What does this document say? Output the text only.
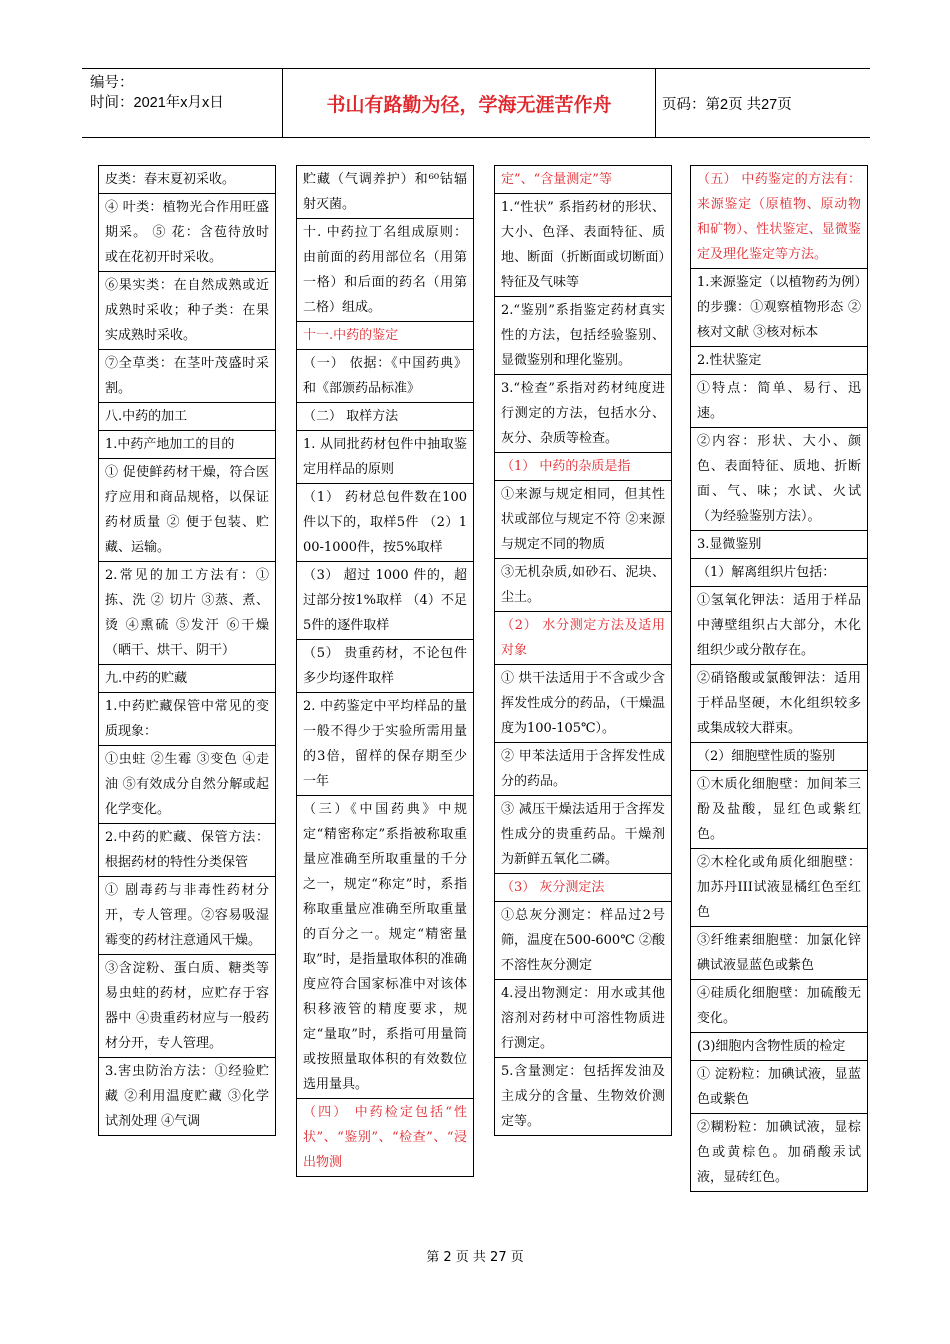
编号：
时间：2021年x月x日	书山有路勤为径，学海无涯苦作舟	页码：第2页 共27页
皮类：春末夏初采收。
④ 叶类：植物光合作用旺盛期采。 ⑤ 花：含苞待放时或在花初开时采收。
⑥果实类：在自然成熟或近成熟时采收；种子类：在果实成熟时采收。
⑦全草类：在茎叶茂盛时采割。
八.中药的加工
1.中药产地加工的目的
① 促使鲜药材干燥，符合医疗应用和商品规格，以保证药材质量 ② 便于包装、贮藏、运输。
2.常见的加工方法有：①拣、洗 ② 切片 ③蒸、煮、烫 ④熏硫 ⑤发汗 ⑥干燥（晒干、烘干、阴干）
九.中药的贮藏
1.中药贮藏保管中常见的变质现象：
①虫蛀 ②生霉 ③变色 ④走油 ⑤有效成分自然分解或起化学变化。
2.中药的贮藏、保管方法：根据药材的特性分类保管
① 剧毒药与非毒性药材分开，专人管理。②容易吸湿霉变的药材注意通风干燥。
③含淀粉、蛋白质、糖类等易虫蛀的药材，应贮存于容器中 ④贵重药材应与一般药材分开，专人管理。
3.害虫防治方法：①经验贮藏 ②利用温度贮藏 ③化学试剂处理 ④气调
贮藏（气调养护）和⁶⁰钴辐射灭菌。
十. 中药拉丁名组成原则：由前面的药用部位名（用第一格）和后面的药名（用第二格）组成。
十一.中药的鉴定
（一） 依据：《中国药典》和《部颁药品标准》
（二） 取样方法
1. 从同批药材包件中抽取鉴定用样品的原则
（1） 药材总包件数在100件以下的，取样5件 （2）100-1000件，按5%取样
（3） 超过 1000 件的，超过部分按1%取样 （4）不足5件的逐件取样
（5） 贵重药材，不论包件多少均逐件取样
2. 中药鉴定中平均样品的量一般不得少于实验所需用量的3倍，留样的保存期至少一年
（三）《中国药典》中规定“精密称定”系指被称取重量应准确至所取重量的千分之一，规定“称定”时，系指称取重量应准确至所取重量的百分之一。规定“精密量取”时，是指量取体积的准确度应符合国家标准中对该体积移液管的精度要求，规定“量取”时，系指可用量筒或按照量取体积的有效数位选用量具。
（四） 中药检定包括“性状”、“鉴别”、“检查”、“浸出物测
定”、“含量测定”等
1.“性状” 系指药材的形状、大小、色泽、表面特征、质地、断面（折断面或切断面）特征及气味等
2.“鉴别”系指鉴定药材真实性的方法，包括经验鉴别、显微鉴别和理化鉴别。
3.“检查”系指对药材纯度进行测定的方法，包括水分、灰分、杂质等检查。
（1） 中药的杂质是指
①来源与规定相同，但其性状或部位与规定不符 ②来源与规定不同的物质
③无机杂质,如砂石、泥块、尘土。
（2） 水分测定方法及适用对象
① 烘干法适用于不含或少含挥发性成分的药品，（干燥温度为100-105℃）。
② 甲苯法适用于含挥发性成分的药品。
③ 减压干燥法适用于含挥发性成分的贵重药品。干燥剂为新鲜五氧化二磷。
（3） 灰分测定法
①总灰分测定：样品过2号筛，温度在500-600℃ ②酸不溶性灰分测定
4.浸出物测定：用水或其他溶剂对药材中可溶性物质进行测定。
5.含量测定：包括挥发油及主成分的含量、生物效价测定等。
（五） 中药鉴定的方法有：来源鉴定（原植物、原动物和矿物）、性状鉴定、显微鉴定及理化鉴定等方法。
1.来源鉴定（以植物药为例）的步骤：①观察植物形态 ②核对文献 ③核对标本
2.性状鉴定
①特点：简单、易行、迅速。
②内容：形状、大小、颜色、表面特征、质地、折断面、气、味；水试、火试（为经验鉴别方法）。
3.显微鉴别
（1）解离组织片包括：
①氢氧化钾法：适用于样品中薄壁组织占大部分，木化组织少或分散存在。
②硝铬酸或氯酸钾法：适用于样品坚硬，木化组织较多或集成较大群束。
（2）细胞壁性质的鉴别
①木质化细胞壁：加间苯三酚及盐酸，显红色或紫红色。
②木栓化或角质化细胞壁：加苏丹III试液显橘红色至红色
③纤维素细胞壁：加氯化锌碘试液显蓝色或紫色
④硅质化细胞壁：加硫酸无变化。
(3)细胞内含物性质的检定
① 淀粉粒：加碘试液，显蓝色或紫色
②糊粉粒：加碘试液，显棕色或黄棕色。加硝酸汞试液，显砖红色。
第 2 页 共 27 页
